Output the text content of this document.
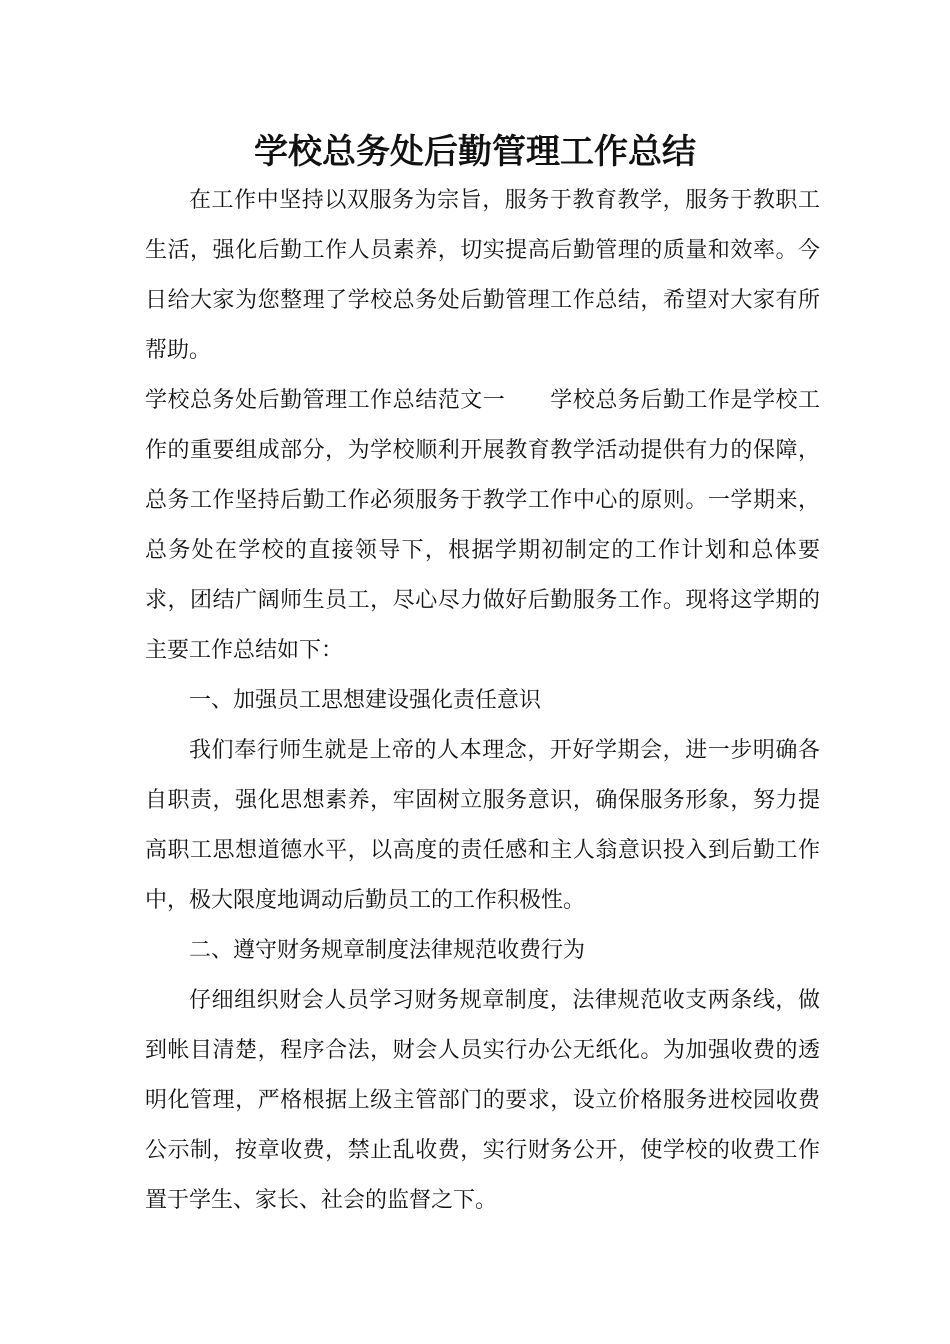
学校总务处后勤管理工作总结

在工作中坚持以双服务为宗旨，服务于教育教学，服务于教职工生活，强化后勤工作人员素养，切实提高后勤管理的质量和效率。今日给大家为您整理了学校总务处后勤管理工作总结，希望对大家有所帮助。

学校总务处后勤管理工作总结范文一　　学校总务后勤工作是学校工作的重要组成部分，为学校顺利开展教育教学活动提供有力的保障，总务工作坚持后勤工作必须服务于教学工作中心的原则。一学期来，总务处在学校的直接领导下，根据学期初制定的工作计划和总体要求，团结广阔师生员工，尽心尽力做好后勤服务工作。现将这学期的主要工作总结如下：

一、加强员工思想建设强化责任意识

我们奉行师生就是上帝的人本理念，开好学期会，进一步明确各自职责，强化思想素养，牢固树立服务意识，确保服务形象，努力提高职工思想道德水平，以高度的责任感和主人翁意识投入到后勤工作中，极大限度地调动后勤员工的工作积极性。

二、遵守财务规章制度法律规范收费行为

仔细组织财会人员学习财务规章制度，法律规范收支两条线，做到帐目清楚，程序合法，财会人员实行办公无纸化。为加强收费的透明化管理，严格根据上级主管部门的要求，设立价格服务进校园收费公示制，按章收费，禁止乱收费，实行财务公开，使学校的收费工作置于学生、家长、社会的监督之下。
